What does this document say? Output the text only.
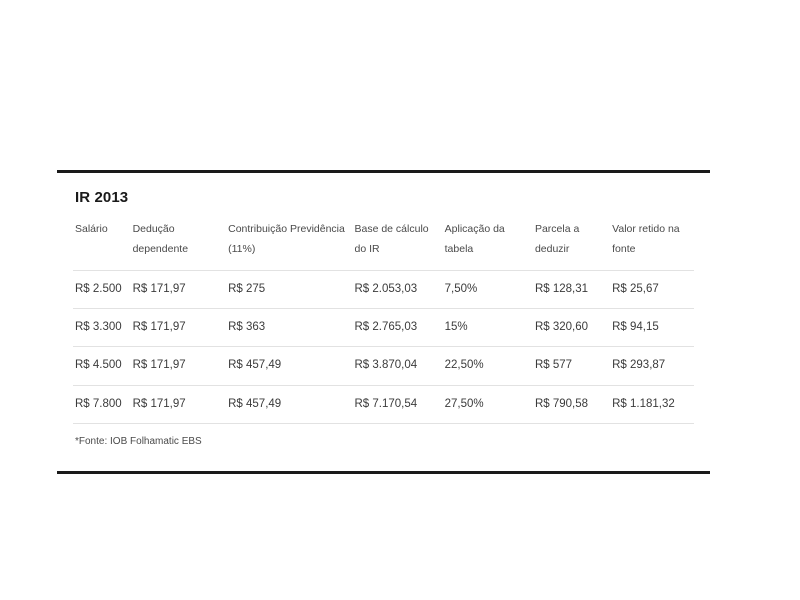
IR 2013
Salário	Dedução dependente	Contribuição Previdência (11%)	Base de cálculo do IR	Aplicação da tabela	Parcela a deduzir	Valor retido na fonte
R$ 2.500	R$ 171,97	R$ 275	R$ 2.053,03	7,50%	R$ 128,31	R$ 25,67
R$ 3.300	R$ 171,97	R$ 363	R$ 2.765,03	15%	R$ 320,60	R$ 94,15
R$ 4.500	R$ 171,97	R$ 457,49	R$ 3.870,04	22,50%	R$ 577	R$ 293,87
R$ 7.800	R$ 171,97	R$ 457,49	R$ 7.170,54	27,50%	R$ 790,58	R$ 1.181,32
*Fonte: IOB Folhamatic EBS
